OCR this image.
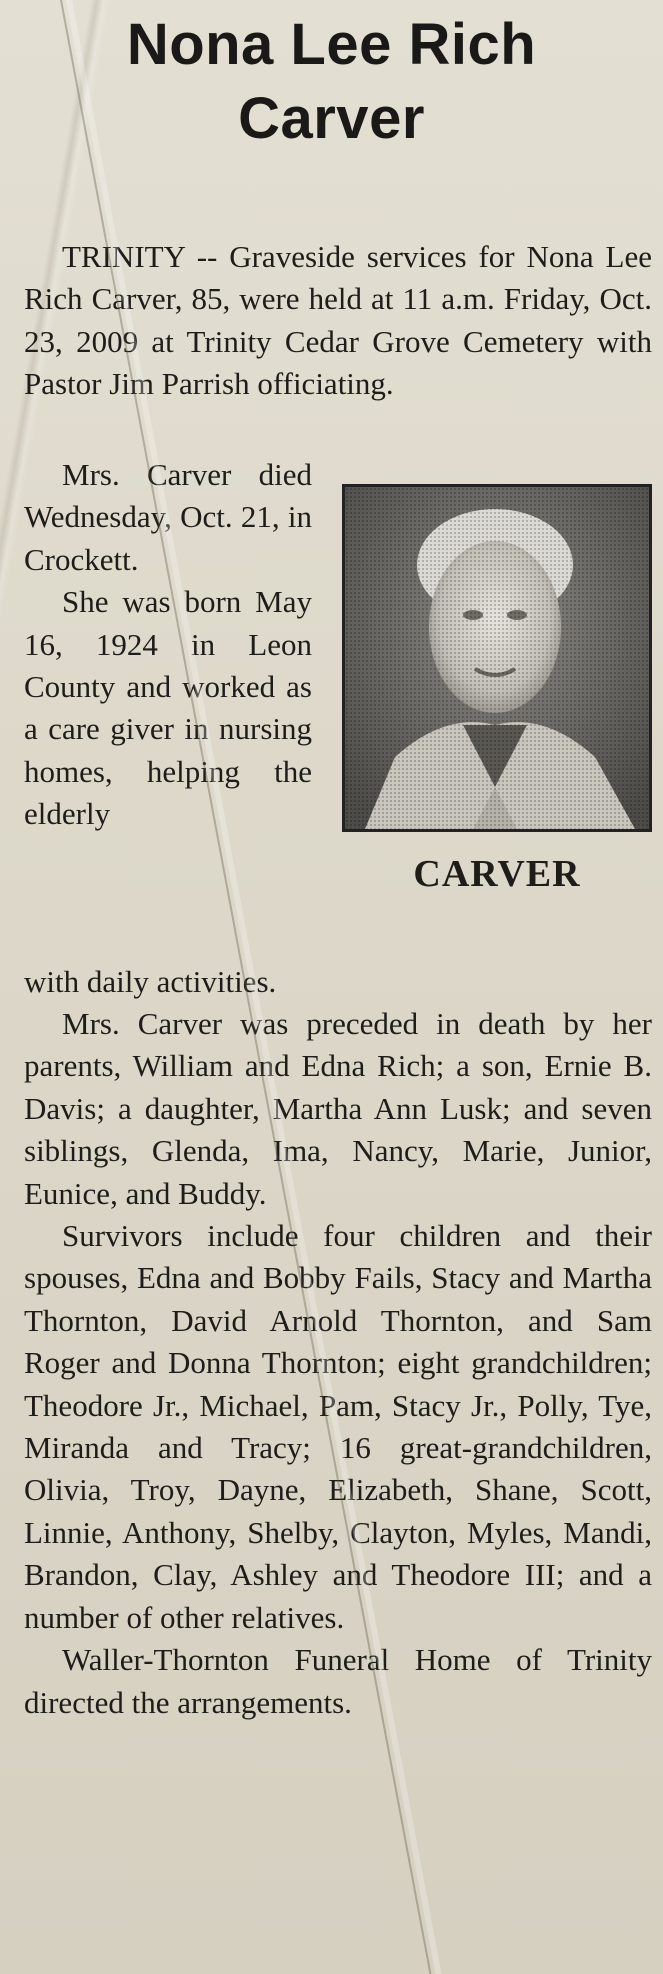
Nona Lee Rich
Carver

TRINITY -- Graveside services for Nona Lee Rich Carver, 85, were held at 11 a.m. Friday, Oct. 23, 2009 at Trinity Cedar Grove Cemetery with Pastor Jim Parrish officiating.

Mrs. Carver died Wednesday, Oct. 21, in Crockett.

She was born May 16, 1924 in Leon County and worked as a care giver in nursing homes, helping the elderly

CARVER
with daily activities.

Mrs. Carver was preceded in death by her parents, William and Edna Rich; a son, Ernie B. Davis; a daughter, Martha Ann Lusk; and seven siblings, Glenda, Ima, Nancy, Marie, Junior, Eunice, and Buddy.

Survivors include four children and their spouses, Edna and Bobby Fails, Stacy and Martha Thornton, David Arnold Thornton, and Sam Roger and Donna Thornton; eight grandchildren; Theodore Jr., Michael, Pam, Stacy Jr., Polly, Tye, Miranda and Tracy; 16 great-grandchildren, Olivia, Troy, Dayne, Elizabeth, Shane, Scott, Linnie, Anthony, Shelby, Clayton, Myles, Mandi, Brandon, Clay, Ashley and Theodore III; and a number of other relatives.

Waller-Thornton Funeral Home of Trinity directed the arrangements.
